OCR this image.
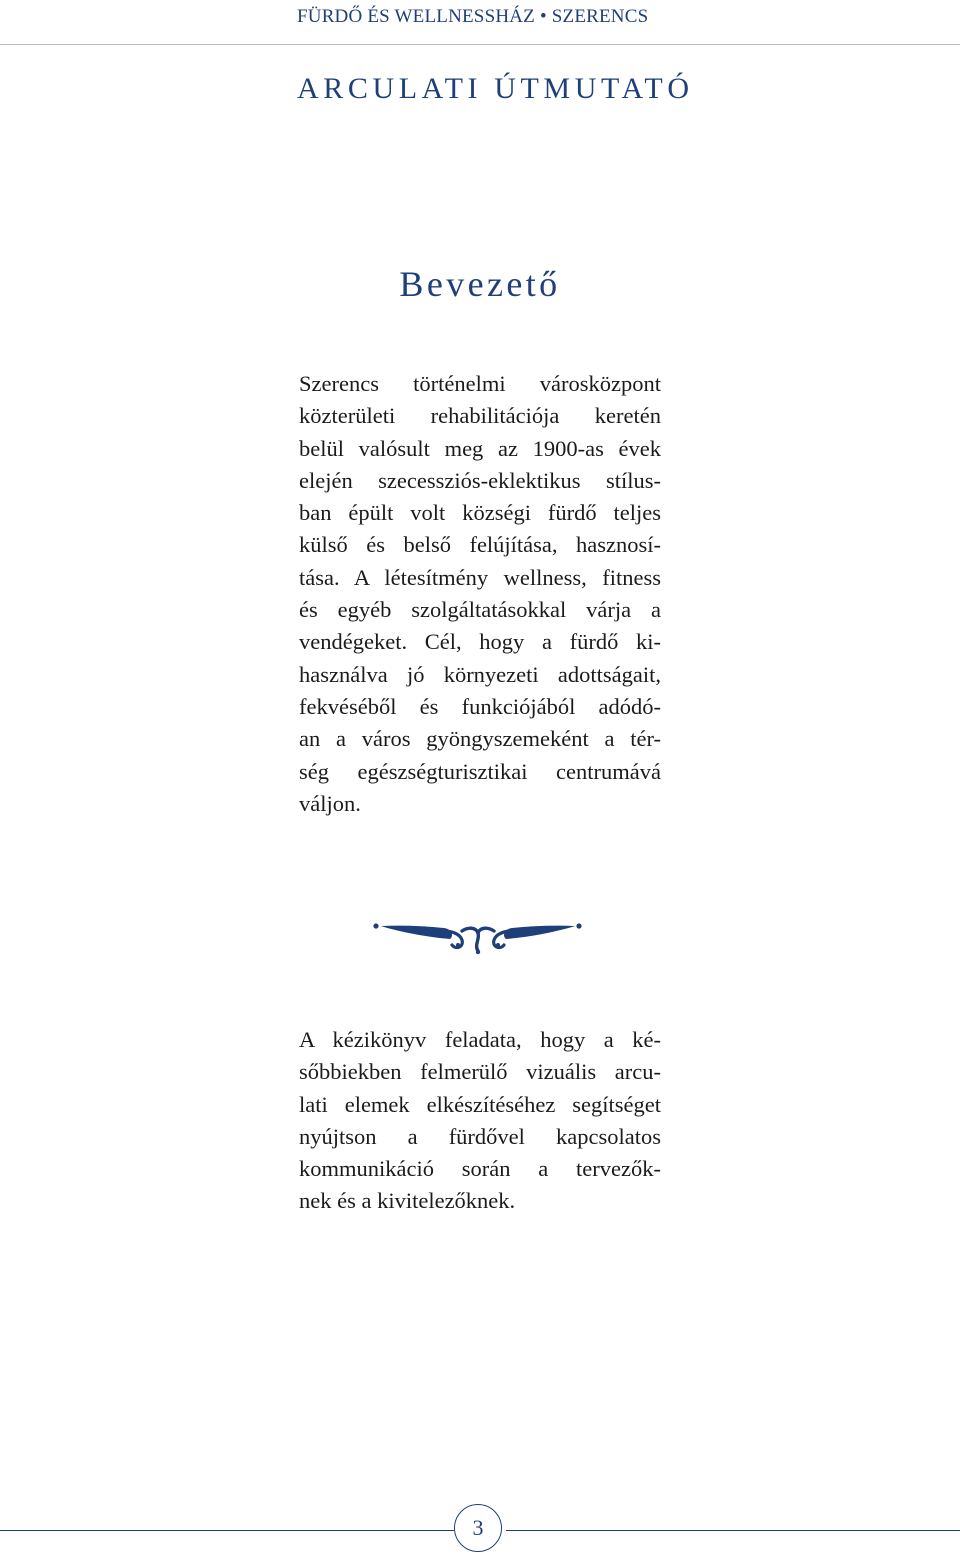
FÜRDŐ ÉS WELLNESSHÁZ • SZERENCS
ARCULATI ÚTMUTATÓ
Bevezető

Szerencs történelmi városközpont
közterületi rehabilitációja keretén
belül valósult meg az 1900-as évek
elején szecessziós-eklektikus stílus-
ban épült volt községi fürdő teljes
külső és belső felújítása, hasznosí-
tása. A létesítmény wellness, fitness
és egyéb szolgáltatásokkal várja a
vendégeket. Cél, hogy a fürdő ki-
használva jó környezeti adottságait,
fekvéséből és funkciójából adódó-
an a város gyöngyszemeként a tér-
ség egészségturisztikai centrumává
váljon.

A kézikönyv feladata, hogy a ké-
sőbbiekben felmerülő vizuális arcu-
lati elemek elkészítéséhez segítséget
nyújtson a fürdővel kapcsolatos
kommunikáció során a tervezők-
nek és a kivitelezőknek.

3
